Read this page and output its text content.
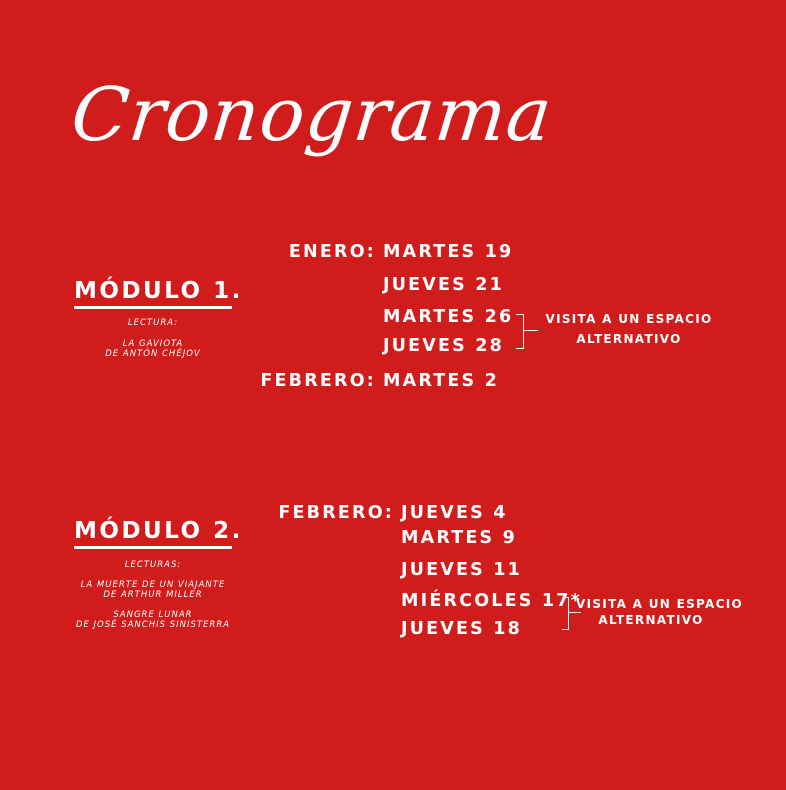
Cronograma
MÓDULO 1.
LECTURA:
LA GAVIOTA
DE ANTÓN CHÉJOV
ENERO: MARTES 19
JUEVES 21
MARTES 26
JUEVES 28
FEBRERO: MARTES 2
VISITA A UN ESPACIO
ALTERNATIVO
MÓDULO 2.
LECTURAS:
LA MUERTE DE UN VIAJANTE
DE ARTHUR MILLER
SANGRE LUNAR
DE JOSÉ SANCHIS SINISTERRA
FEBRERO: JUEVES 4
MARTES 9
JUEVES 11
MIÉRCOLES 17*
JUEVES 18
VISITA A UN ESPACIO
ALTERNATIVO
